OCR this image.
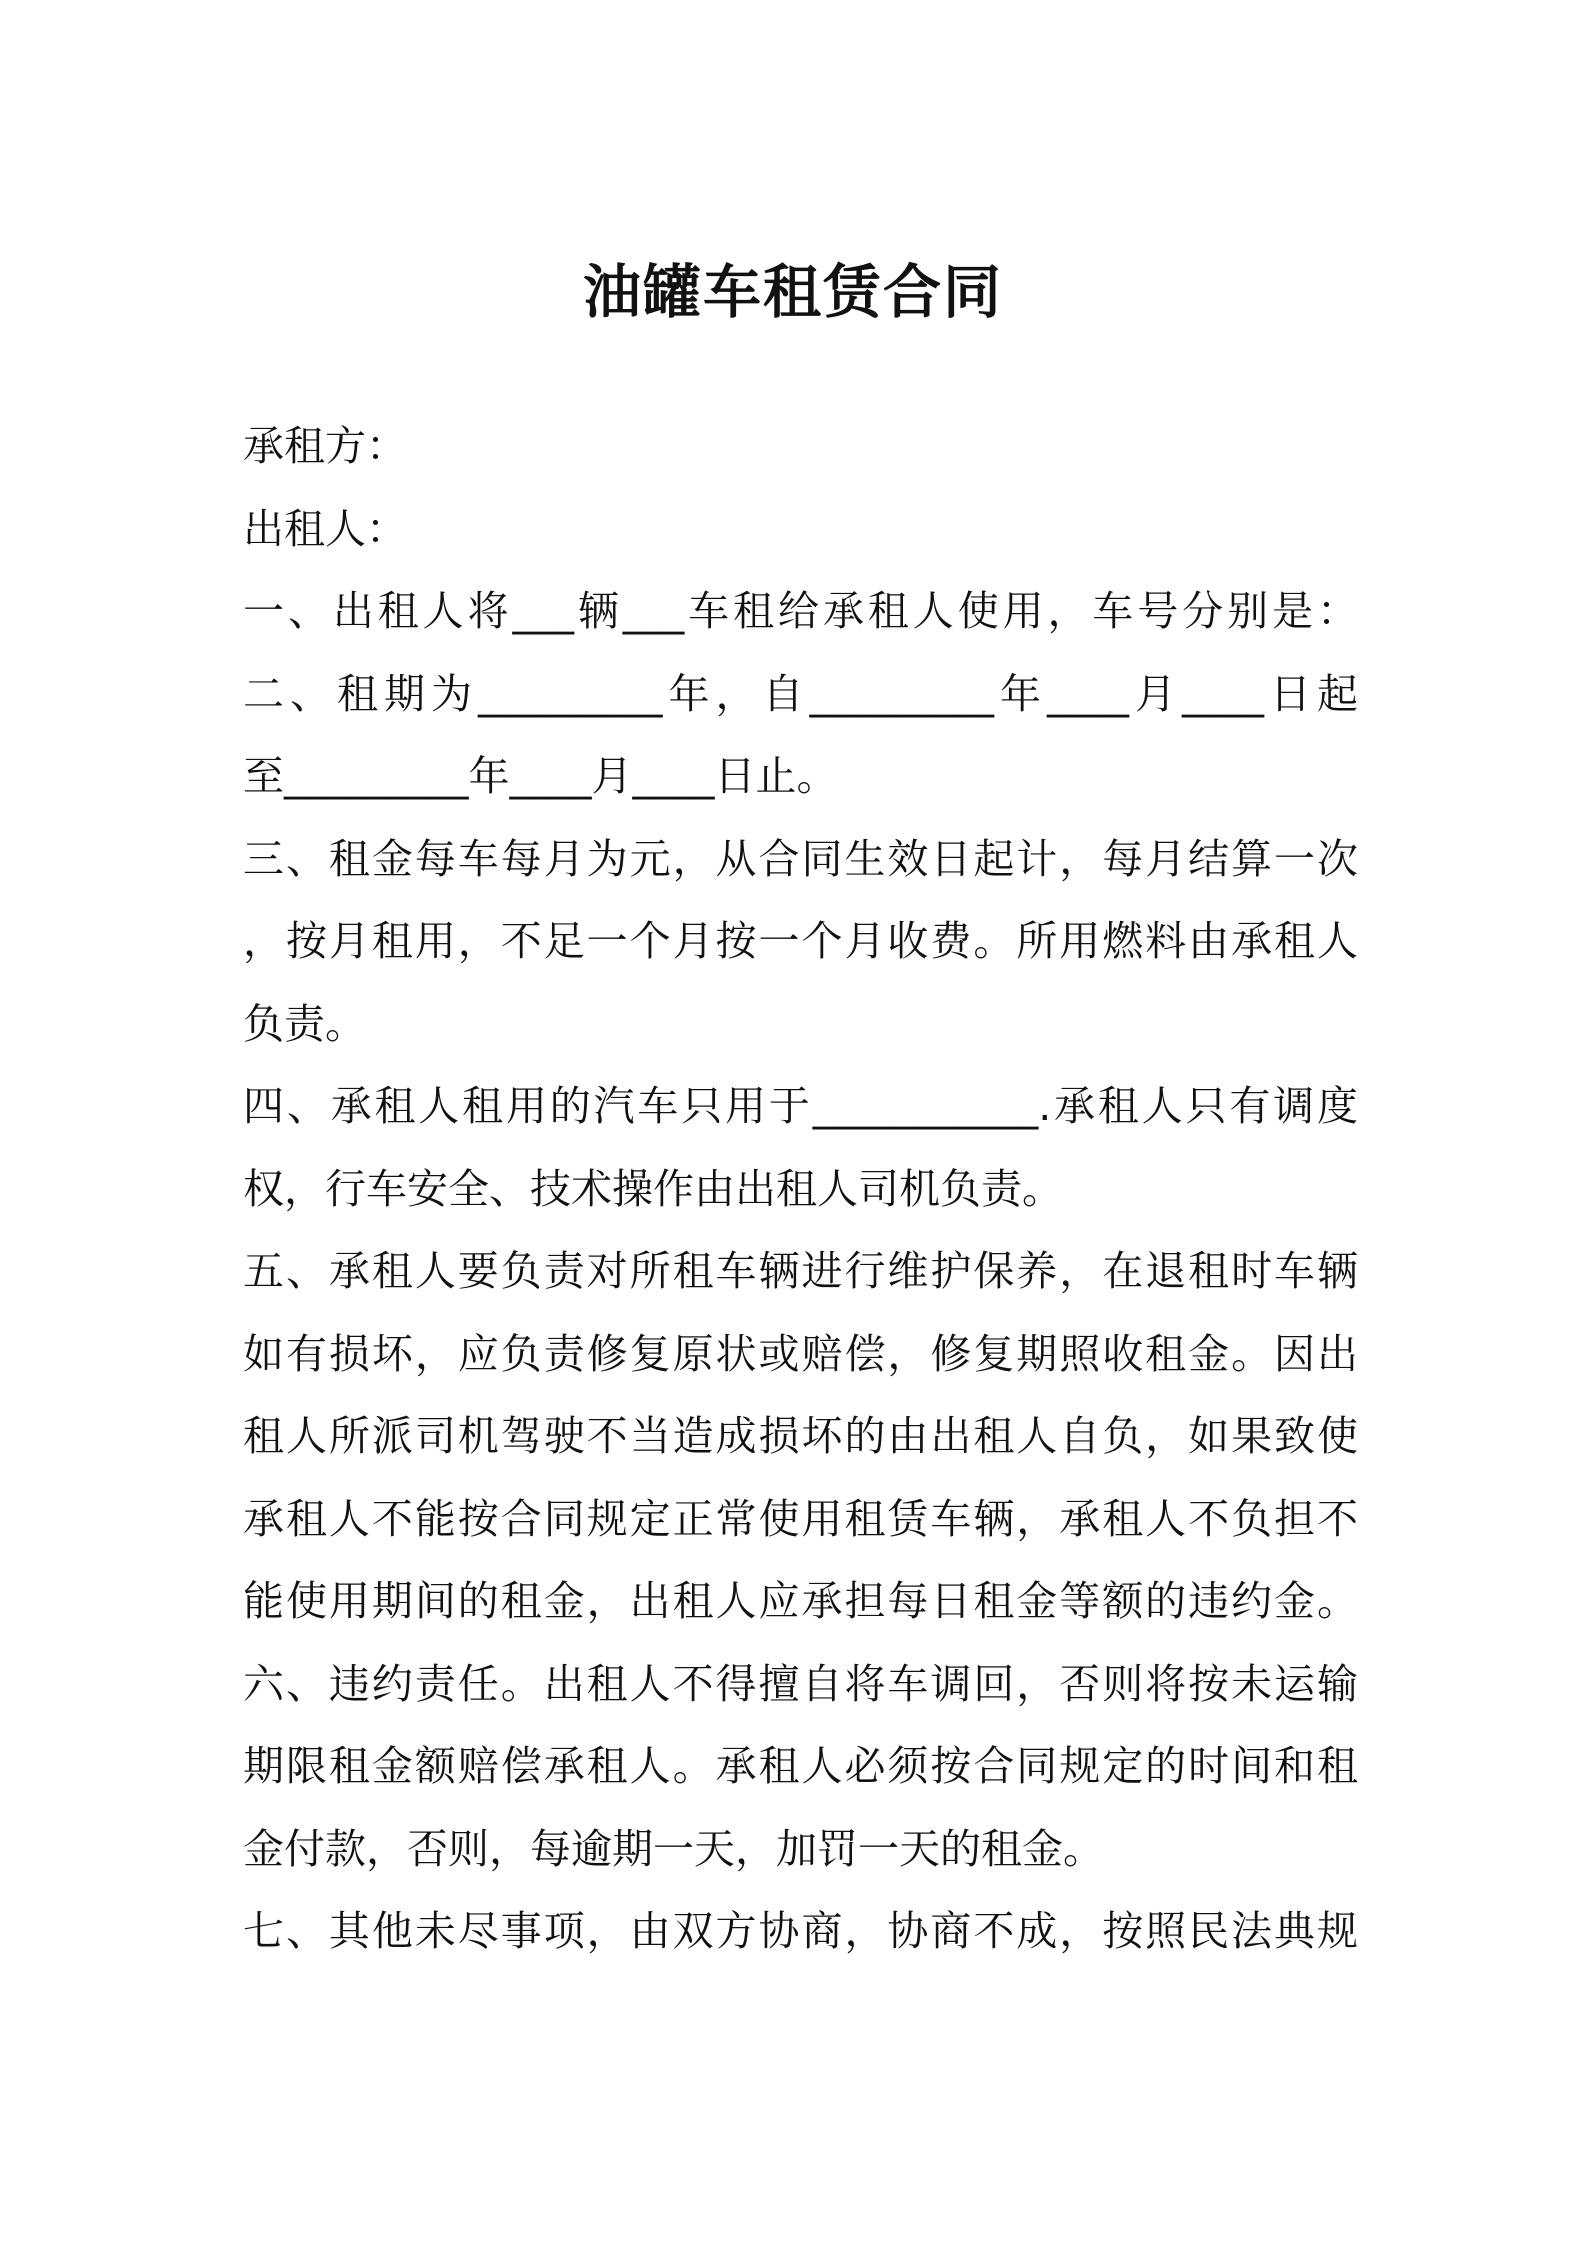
油罐车租赁合同
承租方：
出租人：
一、出租人将___辆___车租给承租人使用，车号分别是：
二、租期为_________年，自_________年____月____日起
至_________年____月____日止。
三、租金每车每月为元，从合同生效日起计，每月结算一次
，按月租用，不足一个月按一个月收费。所用燃料由承租人
负责。
四、承租人租用的汽车只用于___________.承租人只有调度
权，行车安全、技术操作由出租人司机负责。
五、承租人要负责对所租车辆进行维护保养，在退租时车辆
如有损坏，应负责修复原状或赔偿，修复期照收租金。因出
租人所派司机驾驶不当造成损坏的由出租人自负，如果致使
承租人不能按合同规定正常使用租赁车辆，承租人不负担不
能使用期间的租金，出租人应承担每日租金等额的违约金。
六、违约责任。出租人不得擅自将车调回，否则将按未运输
期限租金额赔偿承租人。承租人必须按合同规定的时间和租
金付款，否则，每逾期一天，加罚一天的租金。
七、其他未尽事项，由双方协商，协商不成，按照民法典规
